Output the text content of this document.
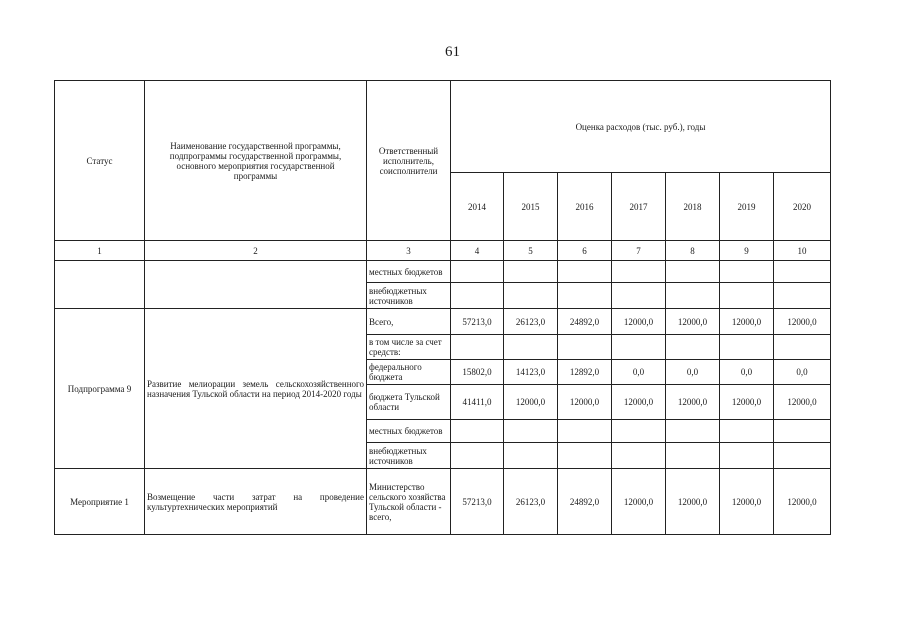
61
Статус	Наименование государственной программы, подпрограммы государственной программы, основного мероприятия государственной программы	Ответственный исполнитель, соисполнители	Оценка расходов (тыс. руб.), годы						
			2014	2015	2016	2017	2018	2019	2020
1	2	3	4	5	6	7	8	9	10
		местных бюджетов							
		внебюджетных источников							
Подпрограмма 9	Развитие мелиорации земель сельскохозяйственного назначения Тульской области на период 2014-2020 годы	Всего,	57213,0	26123,0	24892,0	12000,0	12000,0	12000,0	12000,0
		в том числе за счет средств:							
		федерального бюджета	15802,0	14123,0	12892,0	0,0	0,0	0,0	0,0
		бюджета Тульской области	41411,0	12000,0	12000,0	12000,0	12000,0	12000,0	12000,0
		местных бюджетов							
		внебюджетных источников							
Мероприятие 1	Возмещение части затрат на проведение культуртехнических мероприятий	Министерство сельского хозяйства Тульской области - всего,	57213,0	26123,0	24892,0	12000,0	12000,0	12000,0	12000,0
